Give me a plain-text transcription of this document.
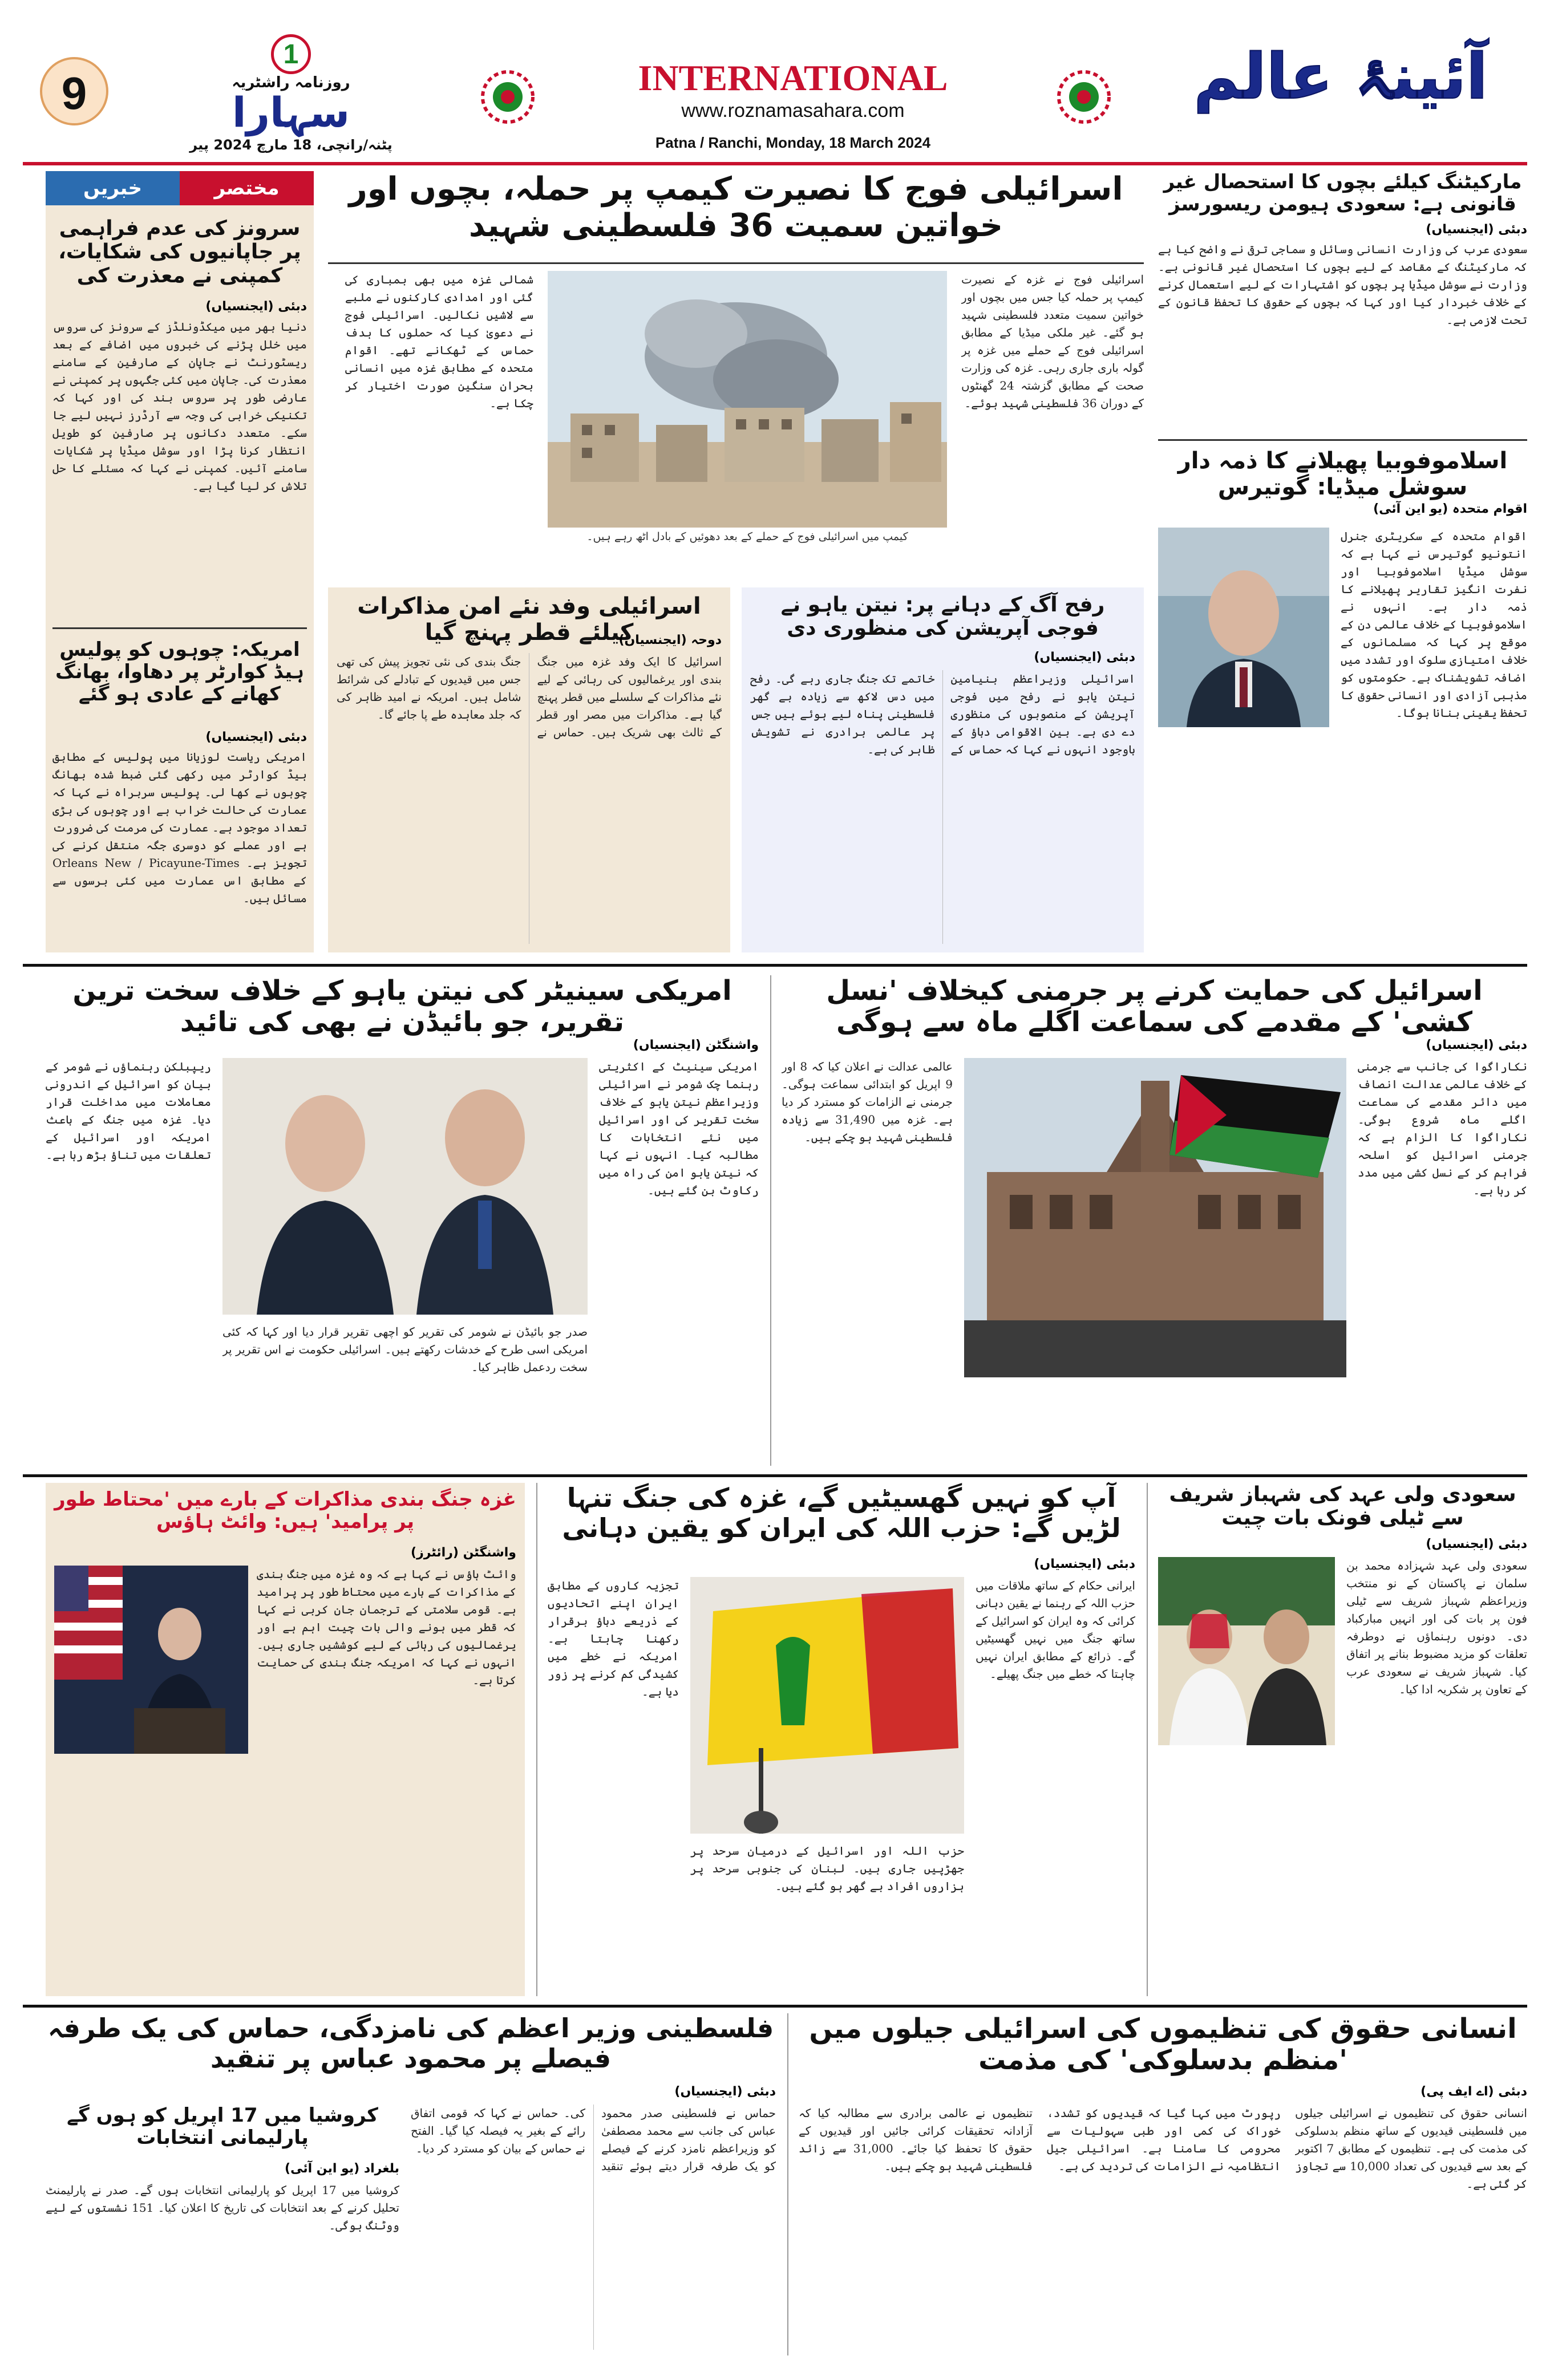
9
1
روزنامہ راشٹریہ
سہارا
پٹنہ/رانچی، 18 مارچ 2024 پیر
INTERNATIONAL
www.roznamasahara.com
Patna / Ranchi, Monday, 18 March 2024
آئینۂ عالم
خبریں	مختصر
سرونز کی عدم فراہمی پر جاپانیوں کی شکایات، کمپنی نے معذرت کی
دبئی (ایجنسیاں)
دنیا بھر میں میکڈونلڈز کے سرونز کی سروس میں خلل پڑنے کی خبروں میں اضافے کے بعد ریسٹورنٹ نے جاپان کے صارفین کے سامنے معذرت کی۔ جاپان میں کئی جگہوں پر کمپنی نے عارضی طور پر سروس بند کی اور کہا کہ تکنیکی خرابی کی وجہ سے آرڈرز نہیں لیے جا سکے۔ متعدد دکانوں پر صارفین کو طویل انتظار کرنا پڑا اور سوشل میڈیا پر شکایات سامنے آئیں۔ کمپنی نے کہا کہ مسئلے کا حل تلاش کر لیا گیا ہے۔
امریکہ: چوہوں کو پولیس ہیڈ کوارٹر پر دھاوا، بھانگ کھانے کے عادی ہو گئے
دبئی (ایجنسیاں)
امریکی ریاست لوزیانا میں پولیس کے مطابق ہیڈ کوارٹر میں رکھی گئی ضبط شدہ بھانگ چوہوں نے کھا لی۔ پولیس سربراہ نے کہا کہ عمارت کی حالت خراب ہے اور چوہوں کی بڑی تعداد موجود ہے۔ عمارت کی مرمت کی ضرورت ہے اور عملے کو دوسری جگہ منتقل کرنے کی تجویز ہے۔ Orleans New / Picayune-Times کے مطابق اس عمارت میں کئی برسوں سے مسائل ہیں۔
اسرائیلی فوج کا نصیرت کیمپ پر حملہ، بچوں اور خواتین سمیت 36 فلسطینی شہید
اسرائیلی فوج نے غزہ کے نصیرت کیمپ پر حملہ کیا جس میں بچوں اور خواتین سمیت متعدد فلسطینی شہید ہو گئے۔ غیر ملکی میڈیا کے مطابق اسرائیلی فوج کے حملے میں غزہ پر گولہ باری جاری رہی۔ غزہ کی وزارت صحت کے مطابق گزشتہ 24 گھنٹوں کے دوران 36 فلسطینی شہید ہوئے۔
کیمپ میں اسرائیلی فوج کے حملے کے بعد دھوئیں کے بادل اٹھ رہے ہیں۔
شمالی غزہ میں بھی بمباری کی گئی اور امدادی کارکنوں نے ملبے سے لاشیں نکالیں۔ اسرائیلی فوج نے دعویٰ کیا کہ حملوں کا ہدف حماس کے ٹھکانے تھے۔ اقوام متحدہ کے مطابق غزہ میں انسانی بحران سنگین صورت اختیار کر چکا ہے۔
مارکیٹنگ کیلئے بچوں کا استحصال غیر قانونی ہے: سعودی ہیومن ریسورسز
دبئی (ایجنسیاں)
سعودی عرب کی وزارت انسانی وسائل و سماجی ترقی نے واضح کیا ہے کہ مارکیٹنگ کے مقاصد کے لیے بچوں کا استحصال غیر قانونی ہے۔ وزارت نے سوشل میڈیا پر بچوں کو اشتہارات کے لیے استعمال کرنے کے خلاف خبردار کیا اور کہا کہ بچوں کے حقوق کا تحفظ قانون کے تحت لازمی ہے۔
اسلاموفوبیا پھیلانے کا ذمہ دار سوشل میڈیا: گوتیرس
اقوام متحدہ (یو این آئی)
اقوام متحدہ کے سکریٹری جنرل انتونیو گوتیرس نے کہا ہے کہ سوشل میڈیا اسلاموفوبیا اور نفرت انگیز تقاریر پھیلانے کا ذمہ دار ہے۔ انہوں نے اسلاموفوبیا کے خلاف عالمی دن کے موقع پر کہا کہ مسلمانوں کے خلاف امتیازی سلوک اور تشدد میں اضافہ تشویشناک ہے۔ حکومتوں کو مذہبی آزادی اور انسانی حقوق کا تحفظ یقینی بنانا ہوگا۔
رفح آگ کے دہانے پر: نیتن یاہو نے فوجی آپریشن کی منظوری دی
دبئی (ایجنسیاں)
اسرائیلی وزیراعظم بنیامین نیتن یاہو نے رفح میں فوجی آپریشن کے منصوبوں کی منظوری دے دی ہے۔ بین الاقوامی دباؤ کے باوجود انہوں نے کہا کہ حماس کے خاتمے تک جنگ جاری رہے گی۔ رفح میں دس لاکھ سے زیادہ بے گھر فلسطینی پناہ لیے ہوئے ہیں جس پر عالمی برادری نے تشویش ظاہر کی ہے۔
اسرائیلی وفد نئے امن مذاکرات کیلئے قطر پہنچ گیا
دوحہ (ایجنسیاں)
اسرائیل کا ایک وفد غزہ میں جنگ بندی اور یرغمالیوں کی رہائی کے لیے نئے مذاکرات کے سلسلے میں قطر پہنچ گیا ہے۔ مذاکرات میں مصر اور قطر کے ثالث بھی شریک ہیں۔ حماس نے جنگ بندی کی نئی تجویز پیش کی تھی جس میں قیدیوں کے تبادلے کی شرائط شامل ہیں۔ امریکہ نے امید ظاہر کی کہ جلد معاہدہ طے پا جائے گا۔
اسرائیل کی حمایت کرنے پر جرمنی کیخلاف 'نسل کشی' کے مقدمے کی سماعت اگلے ماہ سے ہوگی
دبئی (ایجنسیاں)
نکاراگوا کی جانب سے جرمنی کے خلاف عالمی عدالت انصاف میں دائر مقدمے کی سماعت اگلے ماہ شروع ہوگی۔ نکاراگوا کا الزام ہے کہ جرمنی اسرائیل کو اسلحہ فراہم کر کے نسل کشی میں مدد کر رہا ہے۔
عالمی عدالت نے اعلان کیا کہ 8 اور 9 اپریل کو ابتدائی سماعت ہوگی۔ جرمنی نے الزامات کو مسترد کر دیا ہے۔ غزہ میں 31,490 سے زیادہ فلسطینی شہید ہو چکے ہیں۔
امریکی سینیٹر کی نیتن یاہو کے خلاف سخت ترین تقریر، جو بائیڈن نے بھی کی تائید
واشنگٹن (ایجنسیاں)
امریکی سینیٹ کے اکثریتی رہنما چک شومر نے اسرائیلی وزیراعظم نیتن یاہو کے خلاف سخت تقریر کی اور اسرائیل میں نئے انتخابات کا مطالبہ کیا۔ انہوں نے کہا کہ نیتن یاہو امن کی راہ میں رکاوٹ بن گئے ہیں۔
صدر جو بائیڈن نے شومر کی تقریر کو اچھی تقریر قرار دیا اور کہا کہ کئی امریکی اسی طرح کے خدشات رکھتے ہیں۔ اسرائیلی حکومت نے اس تقریر پر سخت ردعمل ظاہر کیا۔
ریپبلکن رہنماؤں نے شومر کے بیان کو اسرائیل کے اندرونی معاملات میں مداخلت قرار دیا۔ غزہ میں جنگ کے باعث امریکہ اور اسرائیل کے تعلقات میں تناؤ بڑھ رہا ہے۔
سعودی ولی عہد کی شہباز شریف سے ٹیلی فونک بات چیت
دبئی (ایجنسیاں)
سعودی ولی عہد شہزادہ محمد بن سلمان نے پاکستان کے نو منتخب وزیراعظم شہباز شریف سے ٹیلی فون پر بات کی اور انہیں مبارکباد دی۔ دونوں رہنماؤں نے دوطرفہ تعلقات کو مزید مضبوط بنانے پر اتفاق کیا۔ شہباز شریف نے سعودی عرب کے تعاون پر شکریہ ادا کیا۔
آپ کو نہیں گھسیٹیں گے، غزہ کی جنگ تنہا لڑیں گے: حزب اللہ کی ایران کو یقین دہانی
دبئی (ایجنسیاں)
ایرانی حکام کے ساتھ ملاقات میں حزب اللہ کے رہنما نے یقین دہانی کرائی کہ وہ ایران کو اسرائیل کے ساتھ جنگ میں نہیں گھسیٹیں گے۔ ذرائع کے مطابق ایران نہیں چاہتا کہ خطے میں جنگ پھیلے۔
حزب اللہ اور اسرائیل کے درمیان سرحد پر جھڑپیں جاری ہیں۔ لبنان کی جنوبی سرحد پر ہزاروں افراد بے گھر ہو گئے ہیں۔
تجزیہ کاروں کے مطابق ایران اپنے اتحادیوں کے ذریعے دباؤ برقرار رکھنا چاہتا ہے۔ امریکہ نے خطے میں کشیدگی کم کرنے پر زور دیا ہے۔
غزہ جنگ بندی مذاکرات کے بارے میں 'محتاط طور پر پرامید' ہیں: وائٹ ہاؤس
واشنگٹن (رائٹرز)
وائٹ ہاؤس نے کہا ہے کہ وہ غزہ میں جنگ بندی کے مذاکرات کے بارے میں محتاط طور پر پرامید ہے۔ قومی سلامتی کے ترجمان جان کربی نے کہا کہ قطر میں ہونے والی بات چیت اہم ہے اور یرغمالیوں کی رہائی کے لیے کوششیں جاری ہیں۔ انہوں نے کہا کہ امریکہ جنگ بندی کی حمایت کرتا ہے۔
انسانی حقوق کی تنظیموں کی اسرائیلی جیلوں میں 'منظم بدسلوکی' کی مذمت
دبئی (اے ایف پی)
انسانی حقوق کی تنظیموں نے اسرائیلی جیلوں میں فلسطینی قیدیوں کے ساتھ منظم بدسلوکی کی مذمت کی ہے۔ تنظیموں کے مطابق 7 اکتوبر کے بعد سے قیدیوں کی تعداد 10,000 سے تجاوز کر گئی ہے۔
رپورٹ میں کہا گیا کہ قیدیوں کو تشدد، خوراک کی کمی اور طبی سہولیات سے محرومی کا سامنا ہے۔ اسرائیلی جیل انتظامیہ نے الزامات کی تردید کی ہے۔
تنظیموں نے عالمی برادری سے مطالبہ کیا کہ آزادانہ تحقیقات کرائی جائیں اور قیدیوں کے حقوق کا تحفظ کیا جائے۔ 31,000 سے زائد فلسطینی شہید ہو چکے ہیں۔
فلسطینی وزیر اعظم کی نامزدگی، حماس کی یک طرفہ فیصلے پر محمود عباس پر تنقید
دبئی (ایجنسیاں)
حماس نے فلسطینی صدر محمود عباس کی جانب سے محمد مصطفیٰ کو وزیراعظم نامزد کرنے کے فیصلے کو یک طرفہ قرار دیتے ہوئے تنقید کی۔ حماس نے کہا کہ قومی اتفاق رائے کے بغیر یہ فیصلہ کیا گیا۔ الفتح نے حماس کے بیان کو مسترد کر دیا۔
کروشیا میں 17 اپریل کو ہوں گے پارلیمانی انتخابات
بلغراد (یو این آئی)
کروشیا میں 17 اپریل کو پارلیمانی انتخابات ہوں گے۔ صدر نے پارلیمنٹ تحلیل کرنے کے بعد انتخابات کی تاریخ کا اعلان کیا۔ 151 نشستوں کے لیے ووٹنگ ہوگی۔
